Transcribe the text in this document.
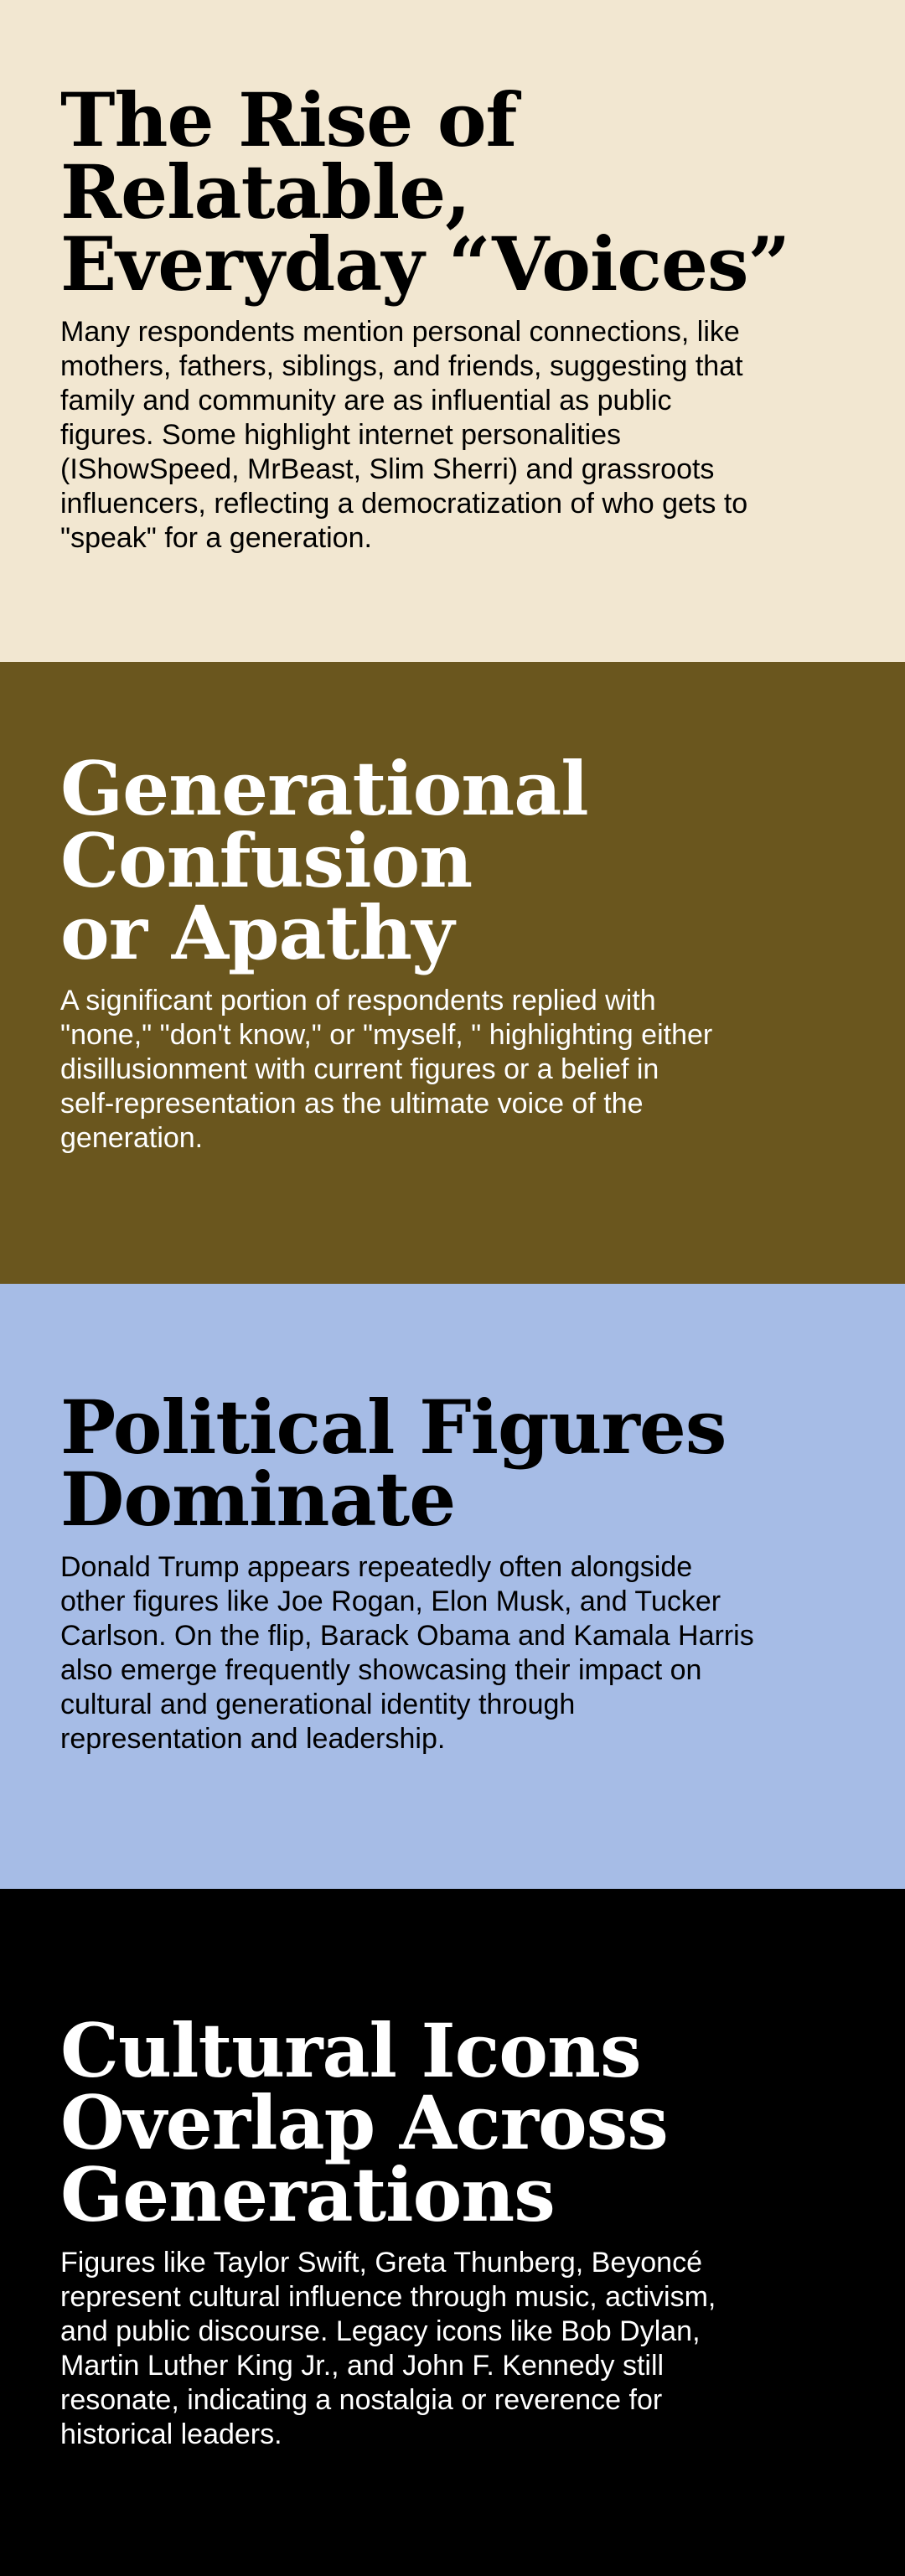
The Rise of
Relatable,
Everyday “Voices”

Many respondents mention personal connections, like
mothers, fathers, siblings, and friends, suggesting that
family and community are as influential as public
figures. Some highlight internet personalities
(IShowSpeed, MrBeast, Slim Sherri) and grassroots
influencers, reflecting a democratization of who gets to
"speak" for a generation.

Generational
Confusion
or Apathy

A significant portion of respondents replied with
"none," "don't know," or "myself, " highlighting either
disillusionment with current figures or a belief in
self-representation as the ultimate voice of the
generation.

Political Figures
Dominate

Donald Trump appears repeatedly often alongside
other figures like Joe Rogan, Elon Musk, and Tucker
Carlson. On the flip, Barack Obama and Kamala Harris
also emerge frequently showcasing their impact on
cultural and generational identity through
representation and leadership.

Cultural Icons
Overlap Across
Generations

Figures like Taylor Swift, Greta Thunberg, Beyoncé
represent cultural influence through music, activism,
and public discourse. Legacy icons like Bob Dylan,
Martin Luther King Jr., and John F. Kennedy still
resonate, indicating a nostalgia or reverence for
historical leaders.
